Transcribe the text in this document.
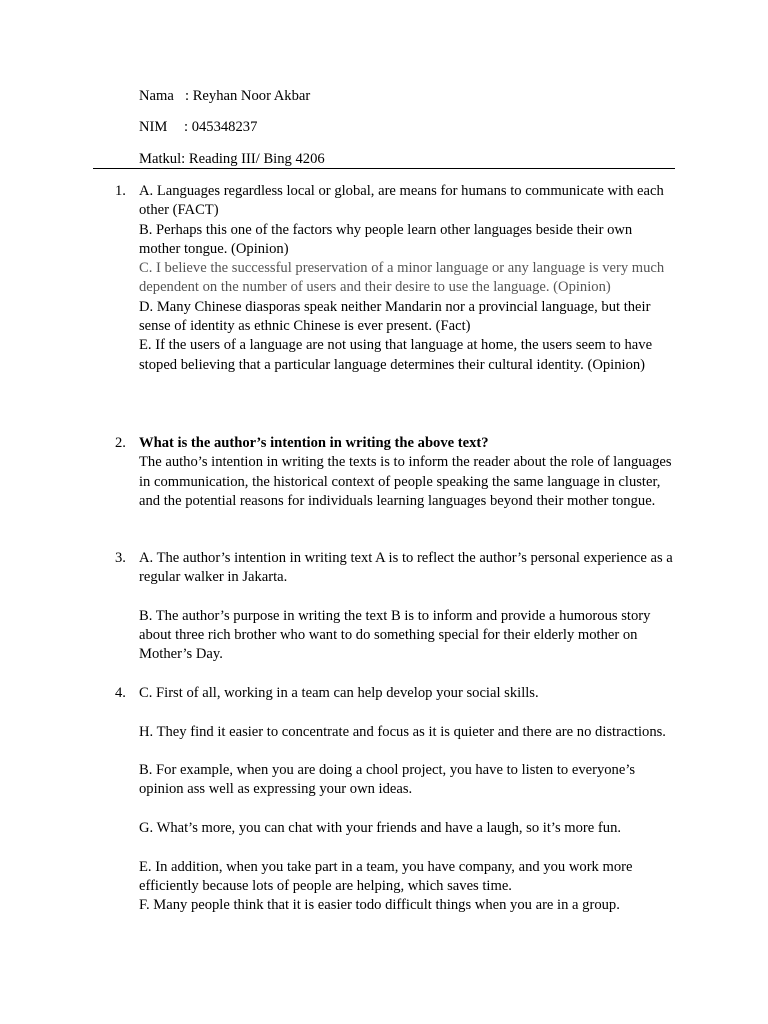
Nama : Reyhan Noor Akbar
NIM : 045348237
Matkul: Reading III/ Bing 4206
1. A. Languages regardless local or global, are means for humans to communicate with each other (FACT)

B. Perhaps this one of the factors why people learn other languages beside their own mother tongue. (Opinion)

C. I believe the successful preservation of a minor language or any language is very much dependent on the number of users and their desire to use the language. (Opinion)

D. Many Chinese diasporas speak neither Mandarin nor a provincial language, but their sense of identity as ethnic Chinese is ever present. (Fact)

E. If the users of a language are not using that language at home, the users seem to have stoped believing that a particular language determines their cultural identity. (Opinion)

2. What is the author’s intention in writing the above text?

The autho’s intention in writing the texts is to inform the reader about the role of languages in communication, the historical context of people speaking the same language in cluster, and the potential reasons for individuals learning languages beyond their mother tongue.

3. A. The author’s intention in writing text A is to reflect the author’s personal experience as a regular walker in Jakarta.

B. The author’s purpose in writing the text B is to inform and provide a humorous story about three rich brother who want to do something special for their elderly mother on Mother’s Day.

4. C. First of all, working in a team can help develop your social skills.

H. They find it easier to concentrate and focus as it is quieter and there are no distractions.

B. For example, when you are doing a chool project, you have to listen to everyone’s opinion ass well as expressing your own ideas.

G. What’s more, you can chat with your friends and have a laugh, so it’s more fun.

E. In addition, when you take part in a team, you have company, and you work more efficiently because lots of people are helping, which saves time.

F. Many people think that it is easier todo difficult things when you are in a group.
